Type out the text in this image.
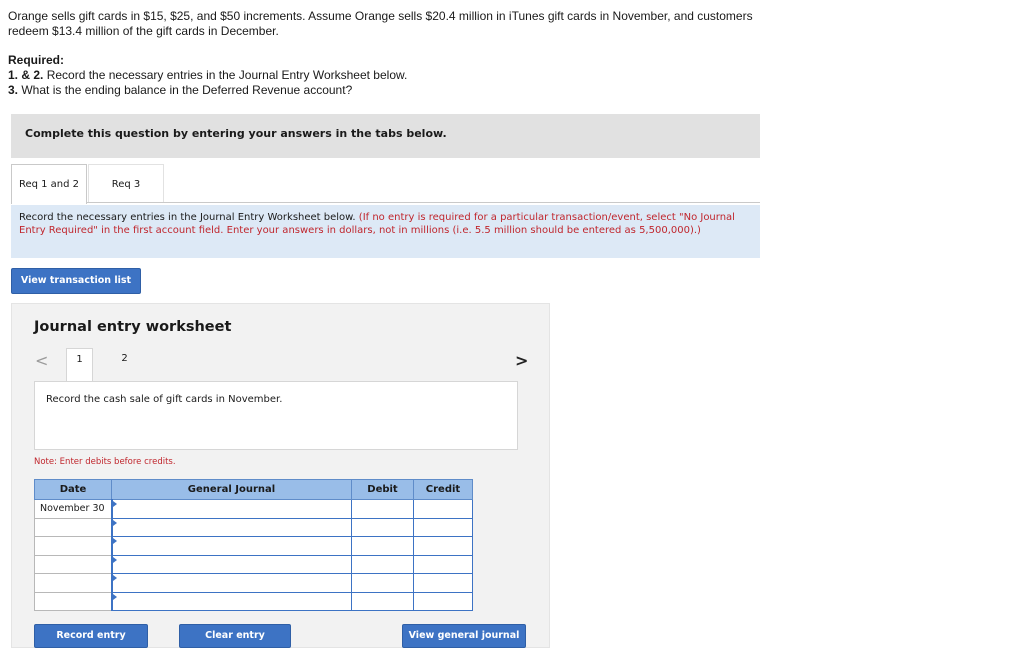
Orange sells gift cards in $15, $25, and $50 increments. Assume Orange sells $20.4 million in iTunes gift cards in November, and customers redeem $13.4 million of the gift cards in December.
Required:
1. & 2. Record the necessary entries in the Journal Entry Worksheet below.
3. What is the ending balance in the Deferred Revenue account?
Complete this question by entering your answers in the tabs below.
Req 1 and 2	Req 3
Record the necessary entries in the Journal Entry Worksheet below. (If no entry is required for a particular transaction/event, select "No Journal Entry Required" in the first account field. Enter your answers in dollars, not in millions (i.e. 5.5 million should be entered as 5,500,000).)
View transaction list
Journal entry worksheet
<	1	2	>
Record the cash sale of gift cards in November.
Note: Enter debits before credits.
Date	General Journal	Debit	Credit
November 30	

Record entry	Clear entry	View general journal
